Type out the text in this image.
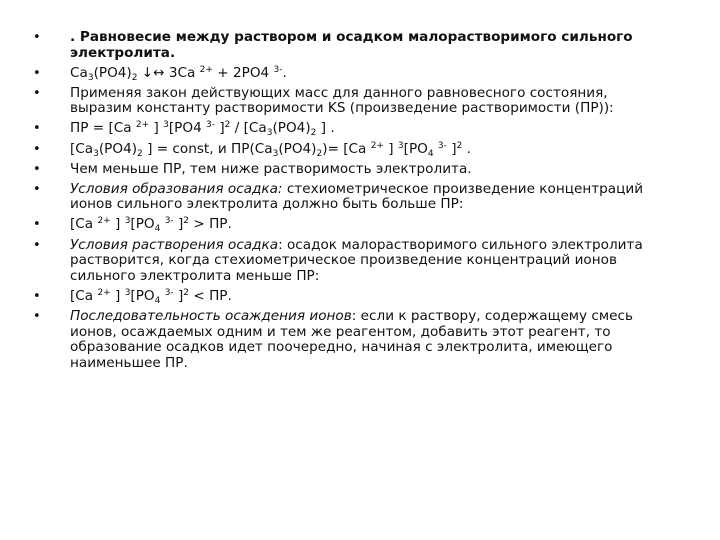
•	. Равновесие между раствором и осадком малорастворимого сильного электролита.
•	$Ca_3(PO4)_2$ ↓↔ 3Ca $^{2+}$ + 2PO4 $^{3-}$.
•	Применяя закон действующих масс для данного равновесного состояния, выразим константу растворимости KS (произведение растворимости (ПР)):
•	ПР = [Ca $^{2+}$ ] $^3$[PO4 $^{3-}$ ]$^2 / [Ca_3(PO4)_2$ ] .
•	[$Ca_3(PO4)_2$ ] = const, и $ПР(Ca_3(PO4)_2)= [Ca$ $^{2+}$ ] $^3[PO_4$ $^{3-}$ ]$^2$ .
•	Чем меньше ПР, тем ниже растворимость электролита.
•	Условия образования осадка: стехиометрическое произведение концентраций ионов сильного электролита должно быть больше ПР:
•	[Ca $^{2+}$ ] $^3[PO_4$ $^{3-}$ ]$^2$ > ПР.
•	Условия растворения осадка: осадок малорастворимого сильного электролита растворится, когда стехиометрическое произведение концентраций ионов сильного электролита меньше ПР:
•	[Ca $^{2+}$ ] $^3[PO_4$ $^{3-}$ ]$^2$ < ПР.
•	Последовательность осаждения ионов: если к раствору, содержащему смесь ионов, осаждаемых одним и тем же реагентом, добавить этот реагент, то образование осадков идет поочередно, начиная с электролита, имеющего наименьшее ПР.
